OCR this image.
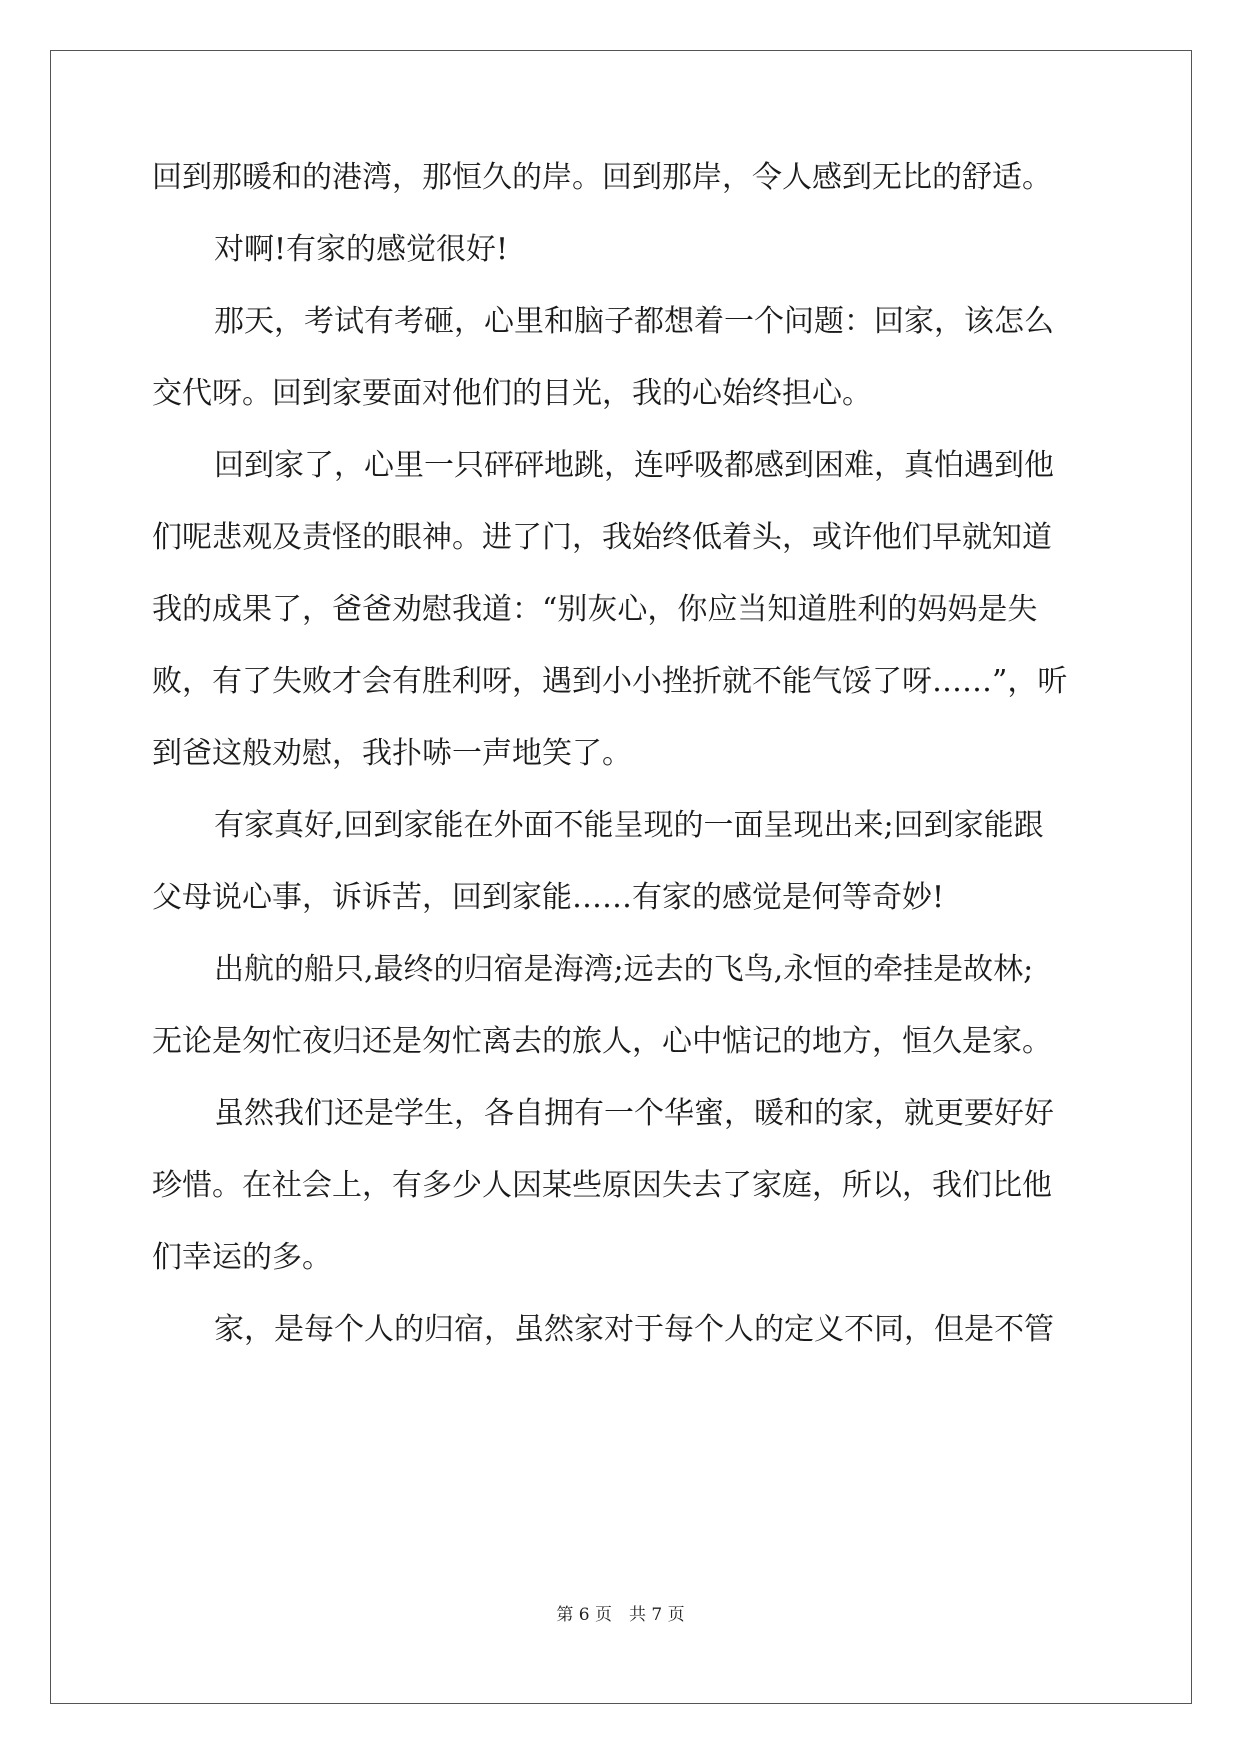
回到那暖和的港湾，那恒久的岸。回到那岸，令人感到无比的舒适。
对啊!有家的感觉很好!
那天，考试有考砸，心里和脑子都想着一个问题：回家，该怎么
交代呀。回到家要面对他们的目光，我的心始终担心。
回到家了，心里一只砰砰地跳，连呼吸都感到困难，真怕遇到他
们呢悲观及责怪的眼神。进了门，我始终低着头，或许他们早就知道
我的成果了，爸爸劝慰我道：“别灰心，你应当知道胜利的妈妈是失
败，有了失败才会有胜利呀，遇到小小挫折就不能气馁了呀……”，听
到爸这般劝慰，我扑哧一声地笑了。
有家真好,回到家能在外面不能呈现的一面呈现出来;回到家能跟
父母说心事，诉诉苦，回到家能……有家的感觉是何等奇妙!
出航的船只,最终的归宿是海湾;远去的飞鸟,永恒的牵挂是故林;
无论是匆忙夜归还是匆忙离去的旅人，心中惦记的地方，恒久是家。
虽然我们还是学生，各自拥有一个华蜜，暖和的家，就更要好好
珍惜。在社会上，有多少人因某些原因失去了家庭，所以，我们比他
们幸运的多。
家，是每个人的归宿，虽然家对于每个人的定义不同，但是不管
第 6 页　共 7 页
